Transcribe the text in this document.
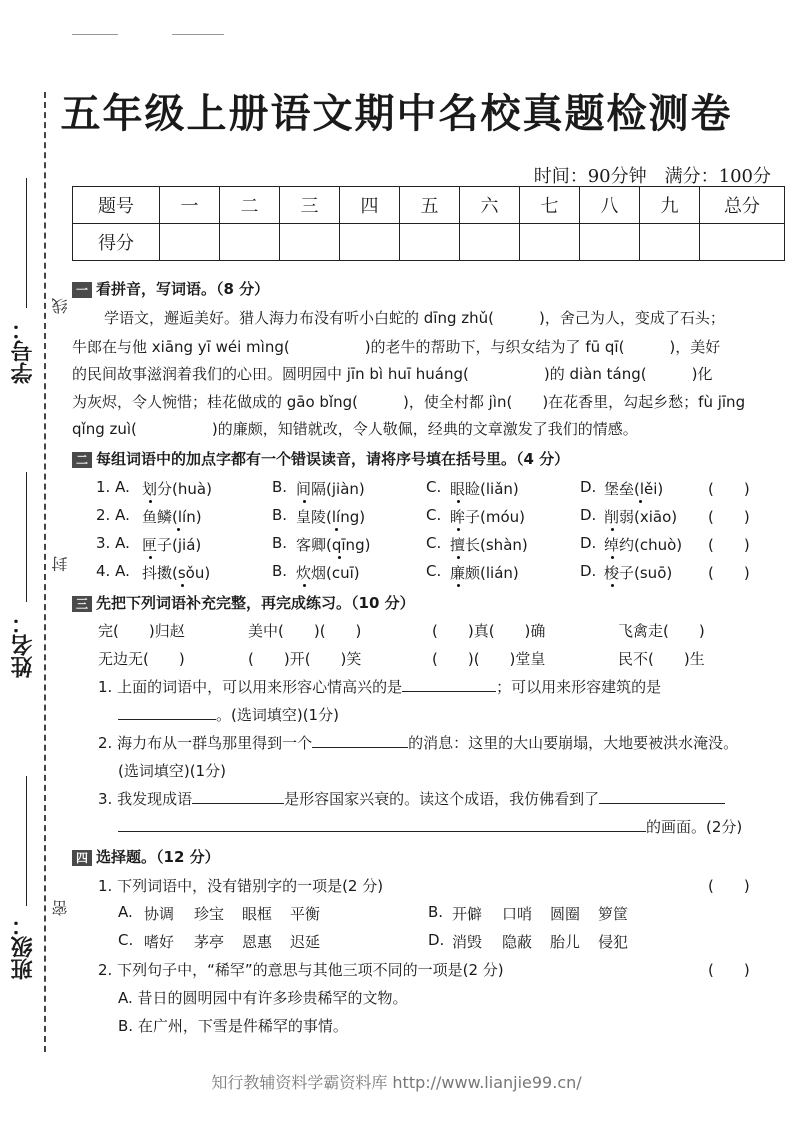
学号：
线
姓名：
封
班级：
密
五年级上册语文期中名校真题检测卷
时间：90分钟　满分：100分
题号	一	二	三	四	五	六	七	八	九	总分
得分										
一 看拼音，写词语。（8 分）
学语文，邂逅美好。猎人海力布没有听小白蛇的 dīng zhǔ(　　　)，舍己为人，变成了石头；
牛郎在与他 xiāng yī wéi mìng(　　　　　)的老牛的帮助下，与织女结为了 fū qī(　　　)，美好
的民间故事滋润着我们的心田。圆明园中 jīn bì huī huáng(　　　　　)的 diàn táng(　　　)化
为灰烬，令人惋惜；桂花做成的 gāo bǐng(　　　)，使全村都 jìn(　　)在花香里，勾起乡愁；fù jīng
qǐng zuì(　　　　　)的廉颇，知错就改，令人敬佩，经典的文章激发了我们的情感。
二 每组词语中的加点字都有一个错误读音，请将序号填在括号里。（4 分）
1. A. 划分(huà)	B. 间隔(jiàn)	C. 眼睑(liǎn)	D. 堡垒(lěi)	(　　)
2. A. 鱼鳞(lín)	B. 皇陵(líng)	C. 眸子(móu)	D. 削弱(xiāo) (　　)
3. A. 匣子(jiá)	B. 客卿(qīng)	C. 擅长(shàn)	D. 绰约(chuò) (　　)
4. A. 抖擞(sǒu)	B. 炊烟(cuī)	C. 廉颇(lián)	D. 梭子(suō) (　　)
三 先把下列词语补充完整，再完成练习。（10 分）
完(　　)归赵	美中(　　)(　　)	(　　)真(　　)确	飞禽走(　　)
无边无(　　)	(　　)开(　　)笑	(　　)(　　)堂皇	民不(　　)生
1. 上面的词语中，可以用来形容心情高兴的是	；可以用来形容建筑的是
。(选词填空)(1分)
2. 海力布从一群鸟那里得到一个	的消息：这里的大山要崩塌，大地要被洪水淹没。
(选词填空)(1分)
3. 我发现成语	是形容国家兴衰的。读这个成语，我仿佛看到了
的画面。(2分)
四 选择题。（12 分）
1. 下列词语中，没有错别字的一项是(2 分)	(　　)
A. 协调 珍宝 眼框 平衡	B. 开僻 口哨 圆圈 箩筐
C. 嗜好 茅亭 恩惠 迟延	D. 消毁 隐蔽 胎儿 侵犯
2. 下列句子中，“稀罕”的意思与其他三项不同的一项是(2 分)	(　　)
A. 昔日的圆明园中有许多珍贵稀罕的文物。
B. 在广州，下雪是件稀罕的事情。
知行教辅资料学霸资料库 http://www.lianjie99.cn/
